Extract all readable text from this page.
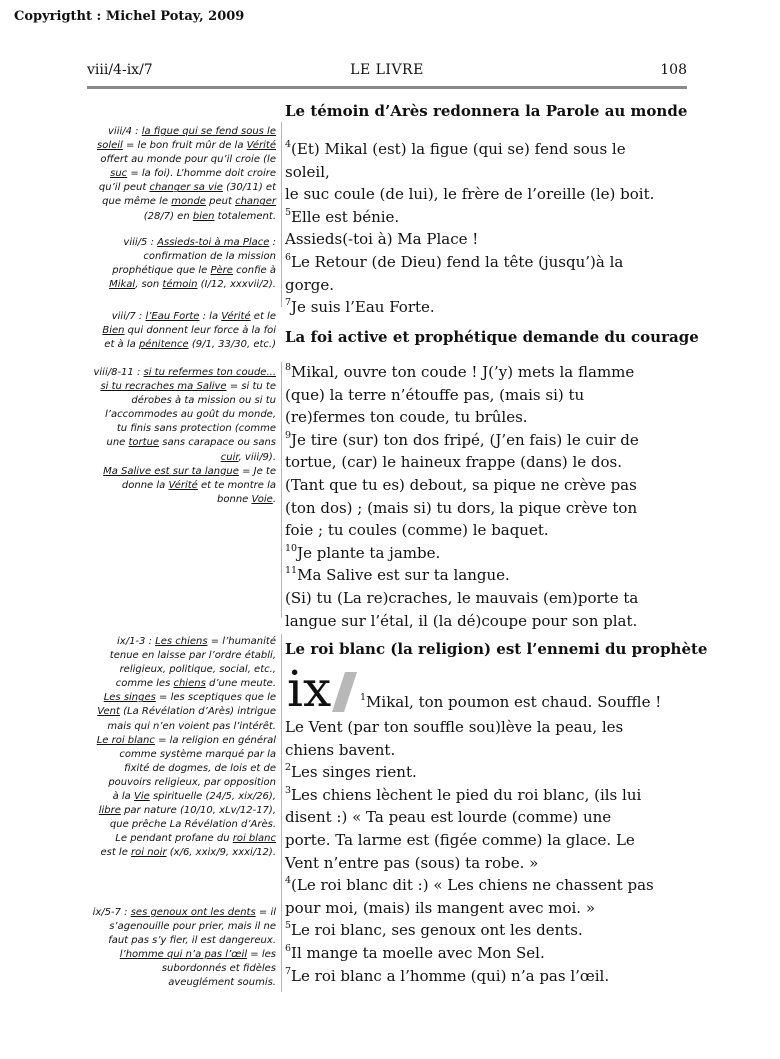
Copyrigtht : Michel Potay, 2009
viii/4-ix/7	LE LIVRE	108
Le témoin d’Arès redonnera la Parole au monde
La foi active et prophétique demande du courage
Le roi blanc (la religion) est l’ennemi du prophète

$^4$(Et) Mikal (est) la figue (qui se) fend sous le

soleil,

le suc coule (de lui), le frère de l’oreille (le) boit.

$^5$Elle est bénie.

Assieds(-toi à) Ma Place !

$^6$Le Retour (de Dieu) fend la tête (jusqu’)à la

gorge.

$^7$Je suis l’Eau Forte.

$^8$Mikal, ouvre ton coude ! J(’y) mets la flamme

(que) la terre n’étouffe pas, (mais si) tu

(re)fermes ton coude, tu brûles.

$^9$Je tire (sur) ton dos fripé, (J’en fais) le cuir de

tortue, (car) le haineux frappe (dans) le dos.

(Tant que tu es) debout, sa pique ne crève pas

(ton dos) ; (mais si) tu dors, la pique crève ton

foie ; tu coules (comme) le baquet.

$^{10}$Je plante ta jambe.

$^{11}$Ma Salive est sur ta langue.

(Si) tu (La re)craches, le mauvais (em)porte ta

langue sur l’étal, il (la dé)coupe pour son plat.

ix	$^1$Mikal, ton poumon est chaud. Souffle !

Le Vent (par ton souffle sou)lève la peau, les

chiens bavent.

$^2$Les singes rient.

$^3$Les chiens lèchent le pied du roi blanc, (ils lui

disent :) « Ta peau est lourde (comme) une

porte. Ta larme est (figée comme) la glace. Le

Vent n’entre pas (sous) ta robe. »

$^4$(Le roi blanc dit :) « Les chiens ne chassent pas

pour moi, (mais) ils mangent avec moi. »

$^5$Le roi blanc, ses genoux ont les dents.

$^6$Il mange ta moelle avec Mon Sel.

$^7$Le roi blanc a l’homme (qui) n’a pas l’œil.

viii/4 : la figue qui se fend sous le
soleil = le bon fruit mûr de la Vérité
offert au monde pour qu’il croie (le
suc = la foi). L’homme doit croire
qu’il peut changer sa vie (30/11) et
que même le monde peut changer
(28/7) en bien totalement.
viii/5 : Assieds-toi à ma Place :
confirmation de la mission
prophétique que le Père confie à
Mikal, son témoin (I/12, xxxvii/2).
viii/7 : l’Eau Forte : la Vérité et le
Bien qui donnent leur force à la foi
et à la pénitence (9/1, 33/30, etc.)
viii/8-11 : si tu refermes ton coude...
si tu recraches ma Salive = si tu te
dérobes à ta mission ou si tu
l’accommodes au goût du monde,
tu finis sans protection (comme
une tortue sans carapace ou sans
cuir, viii/9).
Ma Salive est sur ta langue = Je te
donne la Vérité et te montre la
bonne Voie.
ix/1-3 : Les chiens = l’humanité
tenue en laisse par l’ordre établi,
religieux, politique, social, etc.,
comme les chiens d’une meute.
Les singes = les sceptiques que le
Vent (La Révélation d’Arès) intrigue
mais qui n’en voient pas l’intérêt.
Le roi blanc = la religion en général
comme système marqué par la
fixité de dogmes, de lois et de
pouvoirs religieux, par opposition
à la Vie spirituelle (24/5, xix/26),
libre par nature (10/10, xLv/12-17),
que prêche La Révélation d’Arès.
Le pendant profane du roi blanc
est le roi noir (x/6, xxix/9, xxxi/12).
ix/5-7 : ses genoux ont les dents = il
s’agenouille pour prier, mais il ne
faut pas s’y fier, il est dangereux.
l’homme qui n’a pas l’œil = les
subordonnés et fidèles
aveuglément soumis.
